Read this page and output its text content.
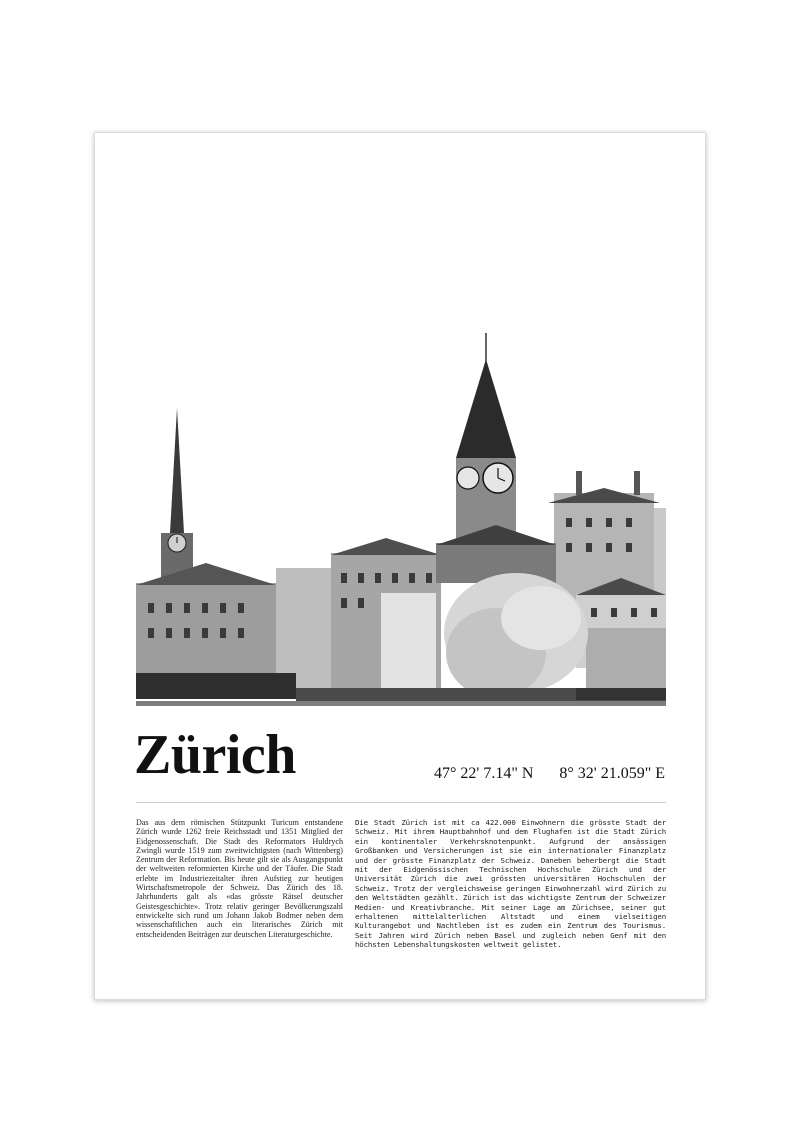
Zürich	47° 22' 7.14" N 8° 32' 21.059" E

Das aus dem römischen Stützpunkt Turicum entstandene Zürich wurde 1262 freie Reichsstadt und 1351 Mitglied der Eidgenossenschaft. Die Stadt des Reformators Huldrych Zwingli wurde 1519 zum zweitwichtigsten (nach Wittenberg) Zentrum der Reformation. Bis heute gilt sie als Ausgangspunkt der weltweiten reformierten Kirche und der Täufer. Die Stadt erlebte im Industriezeitalter ihren Aufstieg zur heutigen Wirtschaftsmetropole der Schweiz. Das Zürich des 18. Jahrhunderts galt als «das grösste Rätsel deutscher Geistesgeschichte». Trotz relativ geringer Bevölkerungszahl entwickelte sich rund um Johann Jakob Bodmer neben dem wissenschaftlichen auch ein literarisches Zürich mit entscheidenden Beiträgen zur deutschen Literaturgeschichte.

Die Stadt Zürich ist mit ca 422.000 Einwohnern die grösste Stadt der Schweiz. Mit ihrem Hauptbahnhof und dem Flughafen ist die Stadt Zürich ein kontinentaler Verkehrsknotenpunkt. Aufgrund der ansässigen Großbanken und Versicherungen ist sie ein internationaler Finanzplatz und der grösste Finanzplatz der Schweiz. Daneben beherbergt die Stadt mit der Eidgenössischen Technischen Hochschule Zürich und der Universität Zürich die zwei grössten universitären Hochschulen der Schweiz. Trotz der vergleichsweise geringen Einwohnerzahl wird Zürich zu den Weltstädten gezählt. Zürich ist das wichtigste Zentrum der Schweizer Medien- und Kreativbranche. Mit seiner Lage am Zürichsee, seiner gut erhaltenen mittelalterlichen Altstadt und einem vielseitigen Kulturangebot und Nachtleben ist es zudem ein Zentrum des Tourismus. Seit Jahren wird Zürich neben Basel und zugleich neben Genf mit den höchsten Lebenshaltungskosten weltweit gelistet.
